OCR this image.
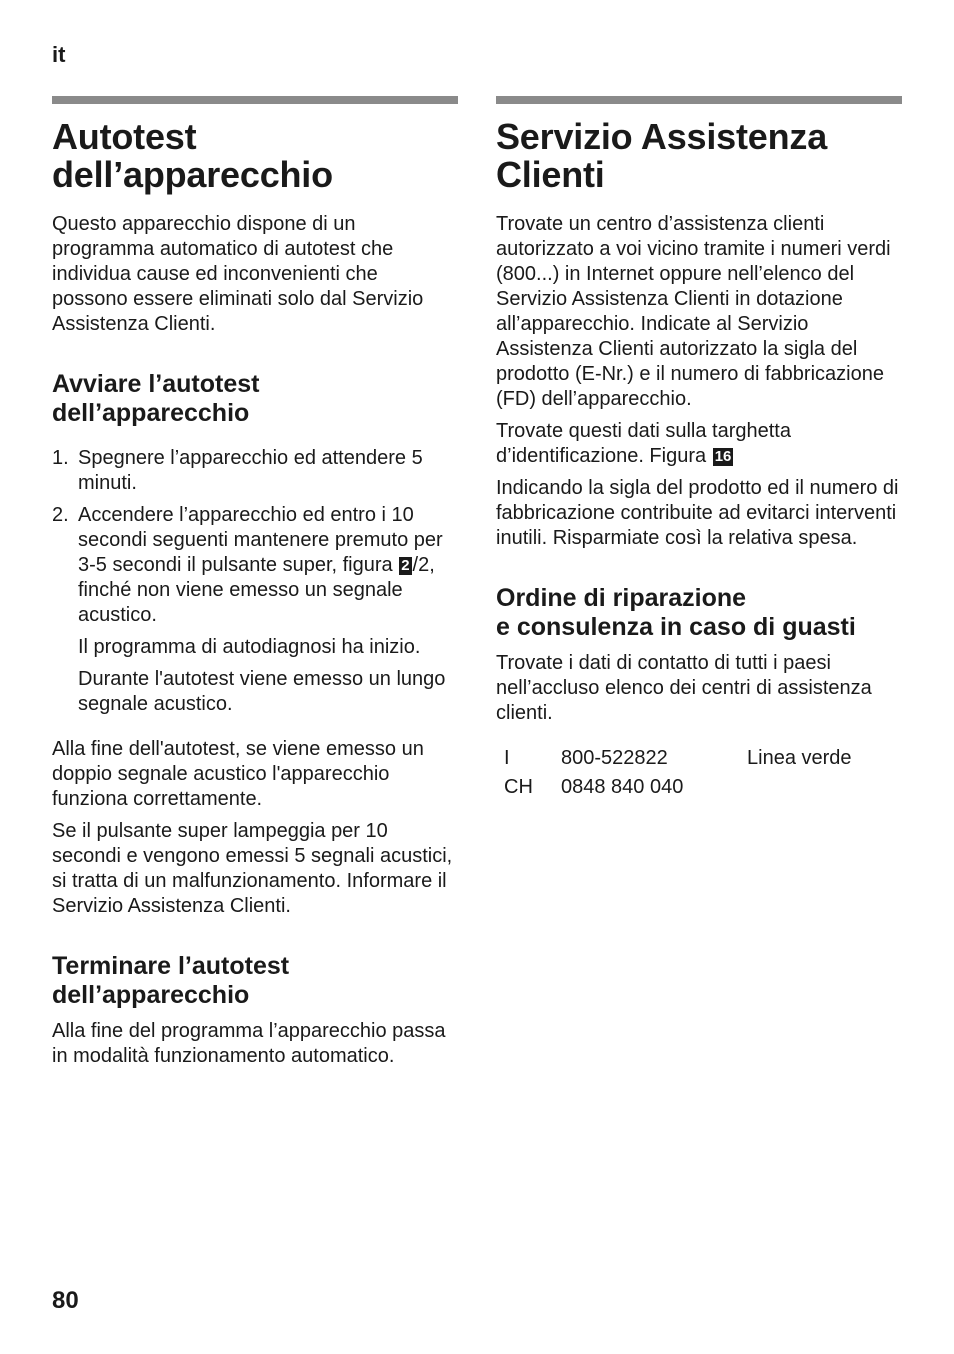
it
Autotest
dell’apparecchio

Questo apparecchio dispone di un programma automatico di autotest che individua cause ed inconvenienti che possono essere eliminati solo dal Servizio Assistenza Clienti.

Avviare l’autotest
dell’apparecchio
1. Spegnere l’apparecchio ed attendere 5 minuti.
2. Accendere l’apparecchio ed entro i 10 secondi seguenti mantenere premuto per 3-5 secondi il pulsante super, figura 2 /2, finché non viene emesso un segnale acustico.

Il programma di autodiagnosi ha inizio.

Durante l'autotest viene emesso un lungo segnale acustico.

Alla fine dell'autotest, se viene emesso un doppio segnale acustico l'apparecchio funziona correttamente.

Se il pulsante super lampeggia per 10 secondi e vengono emessi 5 segnali acustici, si tratta di un malfunzionamento. Informare il Servizio Assistenza Clienti.

Terminare l’autotest
dell’apparecchio

Alla fine del programma l’apparecchio passa in modalità funzionamento automatico.

Servizio Assistenza
Clienti

Trovate un centro d’assistenza clienti autorizzato a voi vicino tramite i numeri verdi (800...) in Internet oppure nell’elenco del Servizio Assistenza Clienti in dotazione all’apparecchio. Indicate al Servizio Assistenza Clienti autorizzato la sigla del prodotto (E-Nr.) e il numero di fabbricazione (FD) dell’apparecchio.

Trovate questi dati sulla targhetta d’identificazione. Figura 16

Indicando la sigla del prodotto ed il numero di fabbricazione contribuite ad evitarci interventi inutili. Risparmiate così la relativa spesa.

Ordine di riparazione
e consulenza in caso di guasti

Trovate i dati di contatto di tutti i paesi nell’accluso elenco dei centri di assistenza clienti.

I	800-522822	Linea verde
CH	0848 840 040	
80
